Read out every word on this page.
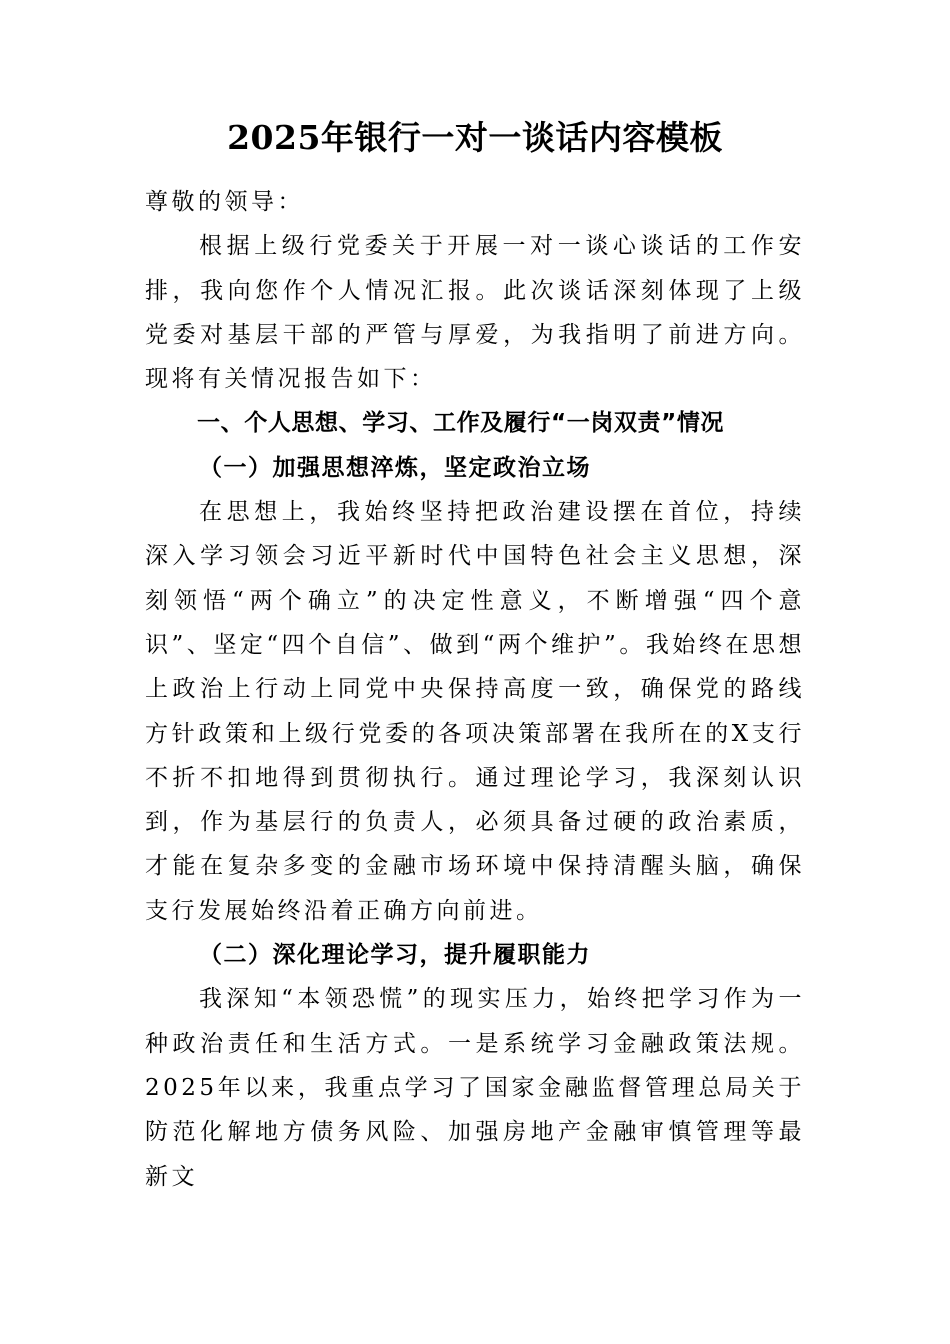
2025年银行一对一谈话内容模板

尊敬的领导：

根据上级行党委关于开展一对一谈心谈话的工作安排，我向您作个人情况汇报。此次谈话深刻体现了上级党委对基层干部的严管与厚爱，为我指明了前进方向。现将有关情况报告如下：

一、个人思想、学习、工作及履行“一岗双责”情况

（一）加强思想淬炼，坚定政治立场

在思想上，我始终坚持把政治建设摆在首位，持续深入学习领会习近平新时代中国特色社会主义思想，深刻领悟“两个确立”的决定性意义，不断增强“四个意识”、坚定“四个自信”、做到“两个维护”。我始终在思想上政治上行动上同党中央保持高度一致，确保党的路线方针政策和上级行党委的各项决策部署在我所在的X支行不折不扣地得到贯彻执行。通过理论学习，我深刻认识到，作为基层行的负责人，必须具备过硬的政治素质，才能在复杂多变的金融市场环境中保持清醒头脑，确保支行发展始终沿着正确方向前进。

（二）深化理论学习，提升履职能力

我深知“本领恐慌”的现实压力，始终把学习作为一种政治责任和生活方式。一是系统学习金融政策法规。2025年以来，我重点学习了国家金融监督管理总局关于防范化解地方债务风险、加强房地产金融审慎管理等最新文
